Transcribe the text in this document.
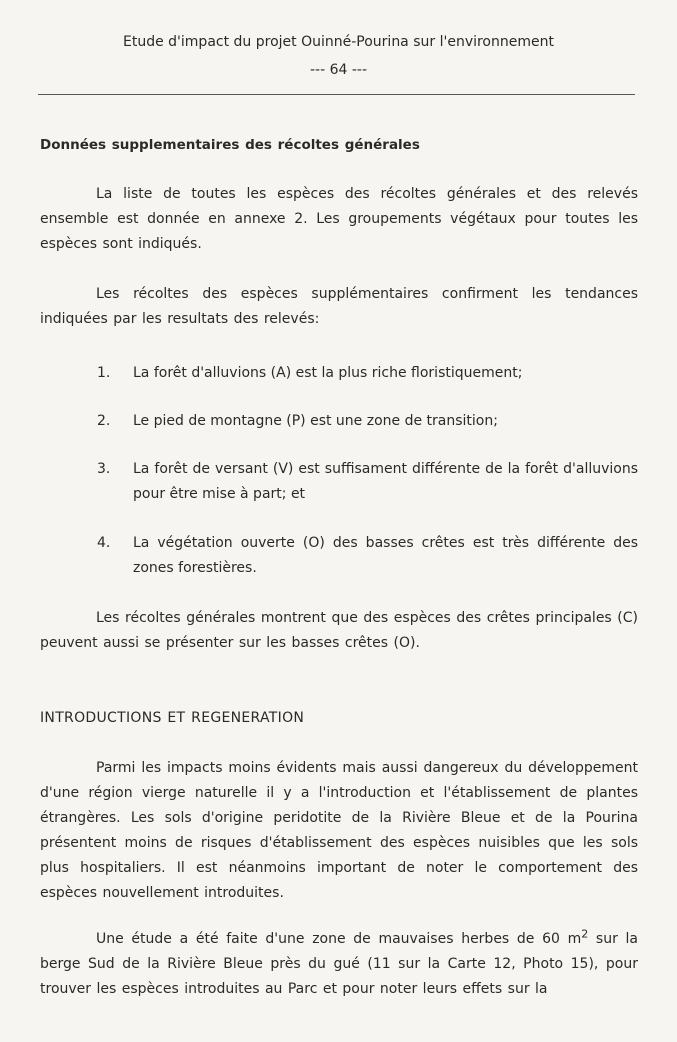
Etude d'impact du projet Ouinné-Pourina sur l'environnement
--- 64 ---
Données supplementaires des récoltes générales
La liste de toutes les espèces des récoltes générales et des relevés ensemble est donnée en annexe 2. Les groupements végétaux pour toutes les espèces sont indiqués.
Les récoltes des espèces supplémentaires confirment les tendances indiquées par les resultats des relevés:
1.	La forêt d'alluvions (A) est la plus riche floristiquement;
2.	Le pied de montagne (P) est une zone de transition;
3.	La forêt de versant (V) est suffisament différente de la forêt d'alluvions pour être mise à part; et
4.	La végétation ouverte (O) des basses crêtes est très différente des zones forestières.
Les récoltes générales montrent que des espèces des crêtes principales (C) peuvent aussi se présenter sur les basses crêtes (O).
INTRODUCTIONS ET REGENERATION
Parmi les impacts moins évidents mais aussi dangereux du développement d'une région vierge naturelle il y a l'introduction et l'établissement de plantes étrangères. Les sols d'origine peridotite de la Rivière Bleue et de la Pourina présentent moins de risques d'établissement des espèces nuisibles que les sols plus hospitaliers. Il est néanmoins important de noter le comportement des espèces nouvellement introduites.
Une étude a été faite d'une zone de mauvaises herbes de 60 $m^2$ sur la berge Sud de la Rivière Bleue près du gué (11 sur la Carte 12, Photo 15), pour trouver les espèces introduites au Parc et pour noter leurs effets sur la
